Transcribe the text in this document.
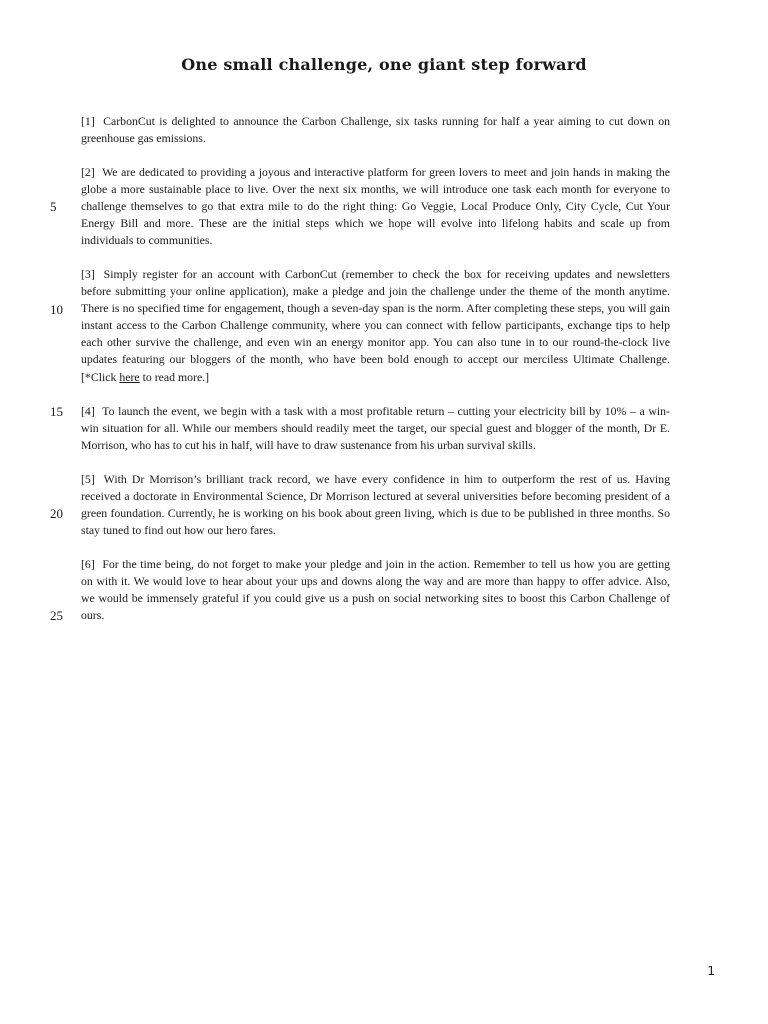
One small challenge, one giant step forward

[1] CarbonCut is delighted to announce the Carbon Challenge, six tasks running for half a year aiming to cut down on greenhouse gas emissions.

[2] We are dedicated to providing a joyous and interactive platform for green lovers to meet and join hands in making the globe a more sustainable place to live. Over the next six months, we will introduce one task each month for everyone to challenge themselves to go that extra mile to do the right thing: Go Veggie, Local Produce Only, City Cycle, Cut Your Energy Bill and more. These are the initial steps which we hope will evolve into lifelong habits and scale up from individuals to communities.

[3] Simply register for an account with CarbonCut (remember to check the box for receiving updates and newsletters before submitting your online application), make a pledge and join the challenge under the theme of the month anytime. There is no specified time for engagement, though a seven-day span is the norm. After completing these steps, you will gain instant access to the Carbon Challenge community, where you can connect with fellow participants, exchange tips to help each other survive the challenge, and even win an energy monitor app. You can also tune in to our round-the-clock live updates featuring our bloggers of the month, who have been bold enough to accept our merciless Ultimate Challenge. [*Click here to read more.]

[4] To launch the event, we begin with a task with a most profitable return – cutting your electricity bill by 10% – a win-win situation for all. While our members should readily meet the target, our special guest and blogger of the month, Dr E. Morrison, who has to cut his in half, will have to draw sustenance from his urban survival skills.

[5] With Dr Morrison’s brilliant track record, we have every confidence in him to outperform the rest of us. Having received a doctorate in Environmental Science, Dr Morrison lectured at several universities before becoming president of a green foundation. Currently, he is working on his book about green living, which is due to be published in three months. So stay tuned to find out how our hero fares.

[6] For the time being, do not forget to make your pledge and join in the action. Remember to tell us how you are getting on with it. We would love to hear about your ups and downs along the way and are more than happy to offer advice. Also, we would be immensely grateful if you could give us a push on social networking sites to boost this Carbon Challenge of ours.

5
10
15
20
25
1
